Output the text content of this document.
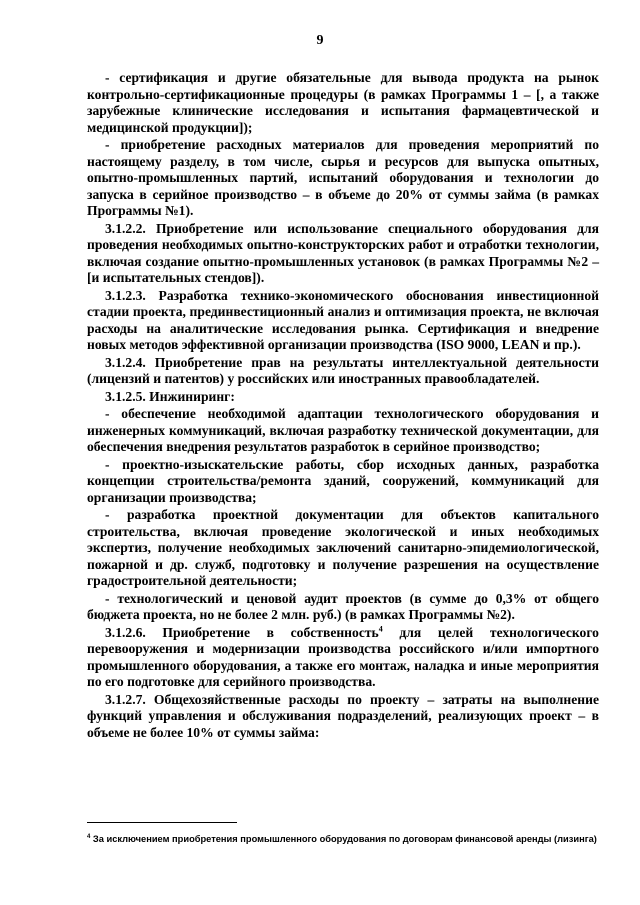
9

- сертификация и другие обязательные для вывода продукта на рынок контрольно-сертификационные процедуры (в рамках Программы 1 – [, а также зарубежные клинические исследования и испытания фармацевтической и медицинской продукции]);

- приобретение расходных материалов для проведения мероприятий по настоящему разделу, в том числе, сырья и ресурсов для выпуска опытных, опытно-промышленных партий, испытаний оборудования и технологии до запуска в серийное производство – в объеме до 20% от суммы займа (в рамках Программы №1).

3.1.2.2. Приобретение или использование специального оборудования для проведения необходимых опытно-конструкторских работ и отработки технологии, включая создание опытно-промышленных установок (в рамках Программы №2 – [и испытательных стендов]).

3.1.2.3. Разработка технико-экономического обоснования инвестиционной стадии проекта, прединвестиционный анализ и оптимизация проекта, не включая расходы на аналитические исследования рынка. Сертификация и внедрение новых методов эффективной организации производства (ISO 9000, LEAN и пр.).

3.1.2.4. Приобретение прав на результаты интеллектуальной деятельности (лицензий и патентов) у российских или иностранных правообладателей.

3.1.2.5. Инжиниринг:

- обеспечение необходимой адаптации технологического оборудования и инженерных коммуникаций, включая разработку технической документации, для обеспечения внедрения результатов разработок в серийное производство;

- проектно-изыскательские работы, сбор исходных данных, разработка концепции строительства/ремонта зданий, сооружений, коммуникаций для организации производства;

- разработка проектной документации для объектов капитального строительства, включая проведение экологической и иных необходимых экспертиз, получение необходимых заключений санитарно-эпидемиологической, пожарной и др. служб, подготовку и получение разрешения на осуществление градостроительной деятельности;

- технологический и ценовой аудит проектов (в сумме до 0,3% от общего бюджета проекта, но не более 2 млн. руб.) (в рамках Программы №2).

3.1.2.6. Приобретение в собственность$^4$ для целей технологического перевооружения и модернизации производства российского и/или импортного промышленного оборудования, а также его монтаж, наладка и иные мероприятия по его подготовке для серийного производства.

3.1.2.7. Общехозяйственные расходы по проекту – затраты на выполнение функций управления и обслуживания подразделений, реализующих проект – в объеме не более 10% от суммы займа:

$^4$ За исключением приобретения промышленного оборудования по договорам финансовой аренды (лизинга)
